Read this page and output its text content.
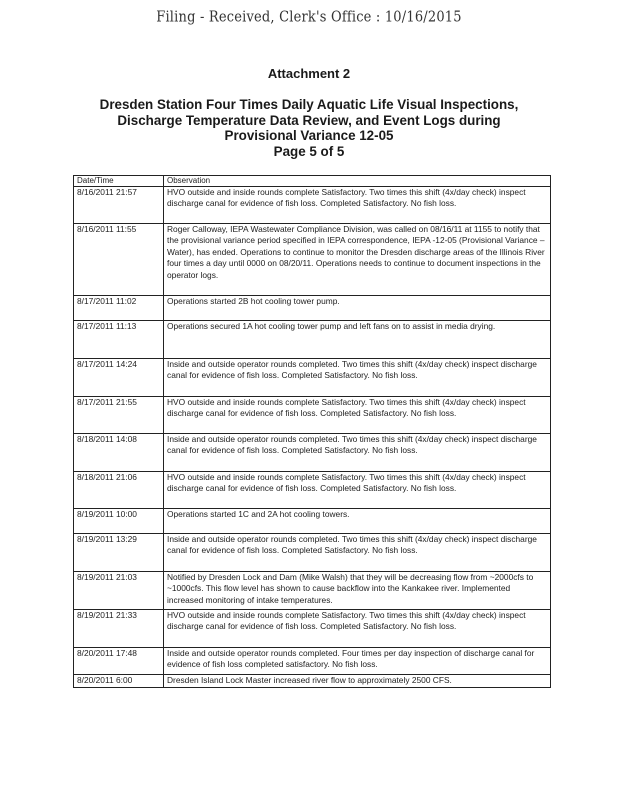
Filing - Received, Clerk's Office : 10/16/2015
Attachment 2
Dresden Station Four Times Daily Aquatic Life Visual Inspections,
Discharge Temperature Data Review, and Event Logs during
Provisional Variance 12-05
Page 5 of 5
Date/Time	Observation
8/16/2011 21:57	HVO outside and inside rounds complete Satisfactory. Two times this shift (4x/day check) inspect discharge canal for evidence of fish loss. Completed Satisfactory. No fish loss.
8/16/2011 11:55	Roger Calloway, IEPA Wastewater Compliance Division, was called on 08/16/11 at 1155 to notify that the provisional variance period specified in IEPA correspondence, IEPA -12-05 (Provisional Variance – Water), has ended. Operations to continue to monitor the Dresden discharge areas of the Illinois River four times a day until 0000 on 08/20/11. Operations needs to continue to document inspections in the operator logs.
8/17/2011 11:02	Operations started 2B hot cooling tower pump.
8/17/2011 11:13	Operations secured 1A hot cooling tower pump and left fans on to assist in media drying.
8/17/2011 14:24	Inside and outside operator rounds completed. Two times this shift (4x/day check) inspect discharge canal for evidence of fish loss. Completed Satisfactory. No fish loss.
8/17/2011 21:55	HVO outside and inside rounds complete Satisfactory. Two times this shift (4x/day check) inspect discharge canal for evidence of fish loss. Completed Satisfactory. No fish loss.
8/18/2011 14:08	Inside and outside operator rounds completed. Two times this shift (4x/day check) inspect discharge canal for evidence of fish loss. Completed Satisfactory. No fish loss.
8/18/2011 21:06	HVO outside and inside rounds complete Satisfactory. Two times this shift (4x/day check) inspect discharge canal for evidence of fish loss. Completed Satisfactory. No fish loss.
8/19/2011 10:00	Operations started 1C and 2A hot cooling towers.
8/19/2011 13:29	Inside and outside operator rounds completed. Two times this shift (4x/day check) inspect discharge canal for evidence of fish loss. Completed Satisfactory. No fish loss.
8/19/2011 21:03	Notified by Dresden Lock and Dam (Mike Walsh) that they will be decreasing flow from ~2000cfs to ~1000cfs. This flow level has shown to cause backflow into the Kankakee river. Implemented increased monitoring of intake temperatures.
8/19/2011 21:33	HVO outside and inside rounds complete Satisfactory. Two times this shift (4x/day check) inspect discharge canal for evidence of fish loss. Completed Satisfactory. No fish loss.
8/20/2011 17:48	Inside and outside operator rounds completed. Four times per day inspection of discharge canal for evidence of fish loss completed satisfactory. No fish loss.
8/20/2011 6:00	Dresden Island Lock Master increased river flow to approximately 2500 CFS.
